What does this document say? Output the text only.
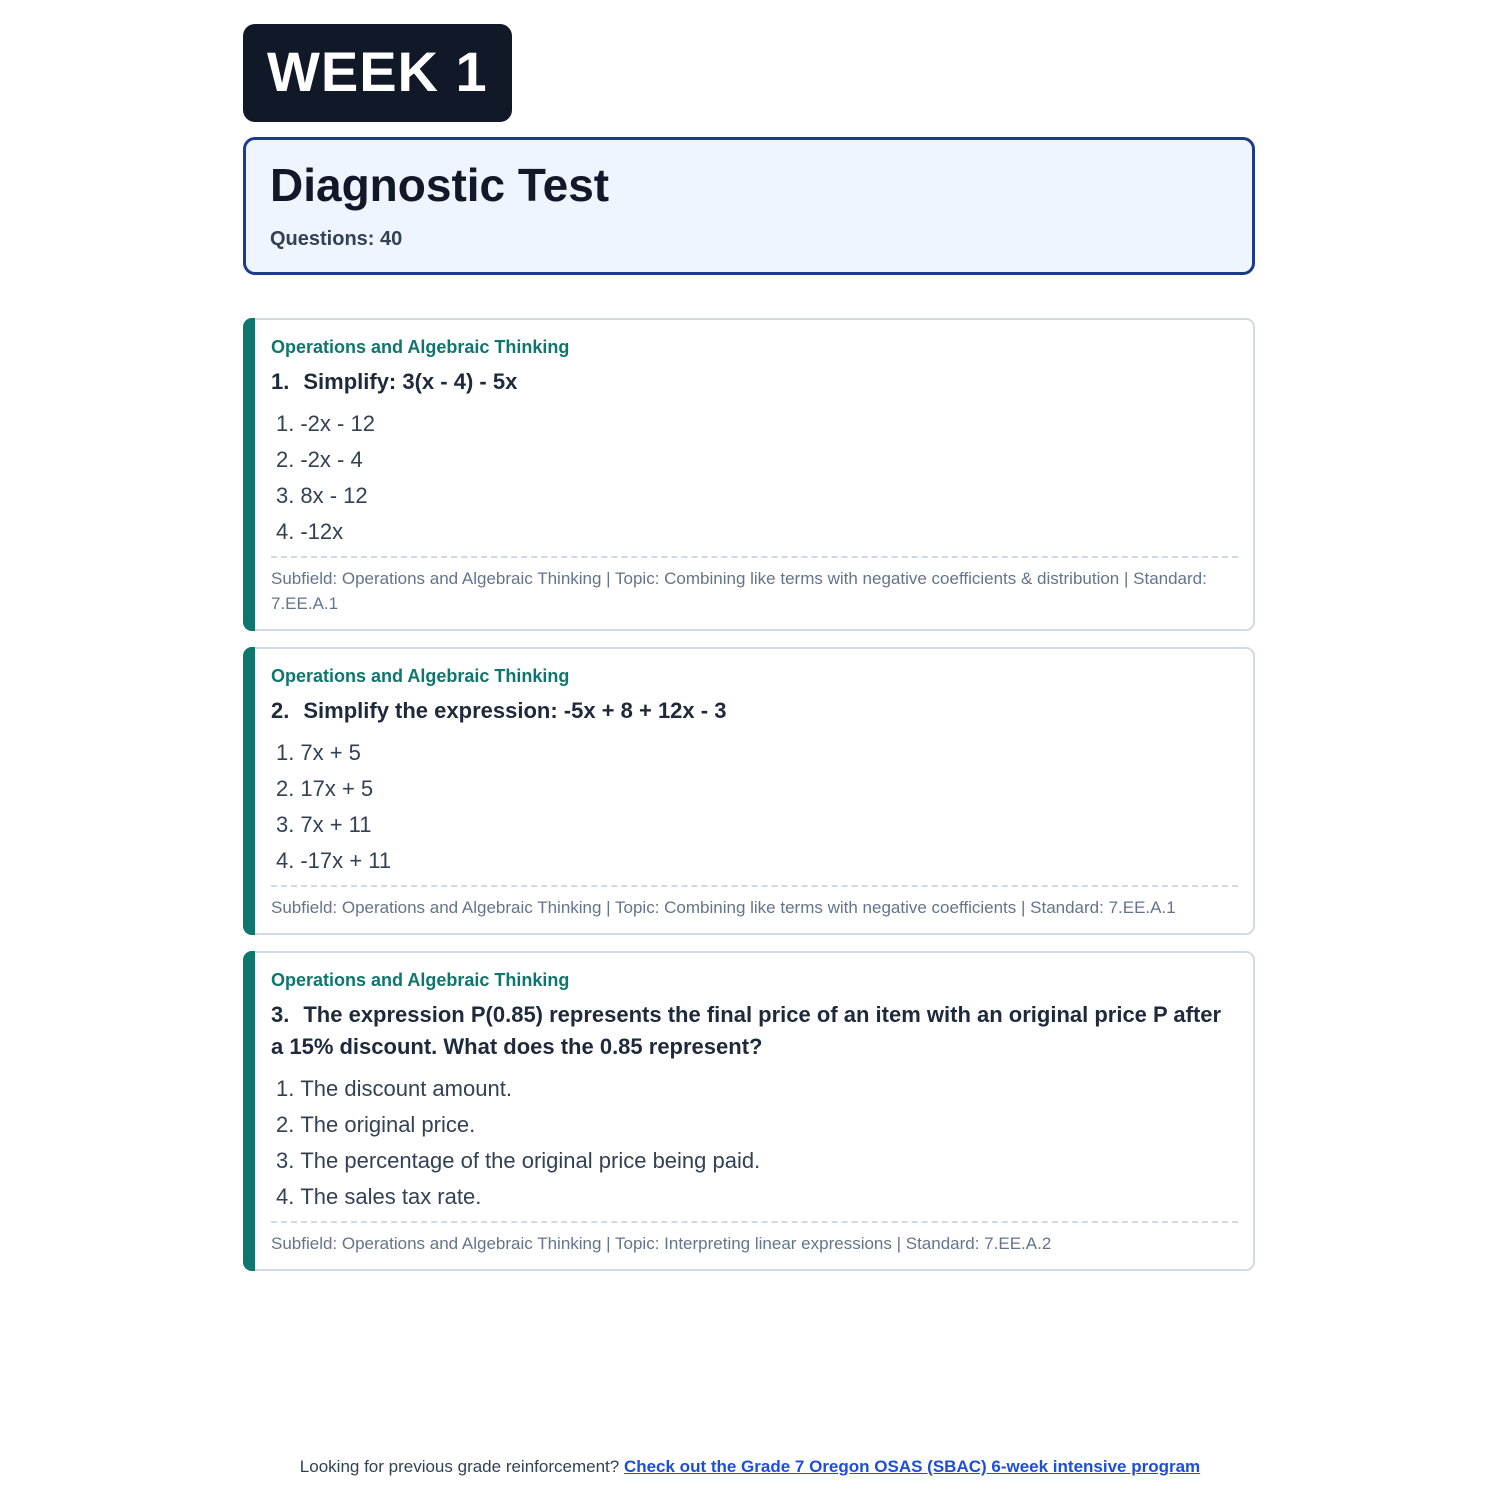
WEEK 1
Diagnostic Test
Questions: 40
Operations and Algebraic Thinking
1. Simplify: 3(x - 4) - 5x
1. -2x - 12
2. -2x - 4
3. 8x - 12
4. -12x
Subfield: Operations and Algebraic Thinking | Topic: Combining like terms with negative coefficients & distribution | Standard: 7.EE.A.1
Operations and Algebraic Thinking
2. Simplify the expression: -5x + 8 + 12x - 3
1. 7x + 5
2. 17x + 5
3. 7x + 11
4. -17x + 11
Subfield: Operations and Algebraic Thinking | Topic: Combining like terms with negative coefficients | Standard: 7.EE.A.1
Operations and Algebraic Thinking
3. The expression P(0.85) represents the final price of an item with an original price P after a 15% discount. What does the 0.85 represent?
1. The discount amount.
2. The original price.
3. The percentage of the original price being paid.
4. The sales tax rate.
Subfield: Operations and Algebraic Thinking | Topic: Interpreting linear expressions | Standard: 7.EE.A.2
Looking for previous grade reinforcement? Check out the Grade 7 Oregon OSAS (SBAC) 6-week intensive program
